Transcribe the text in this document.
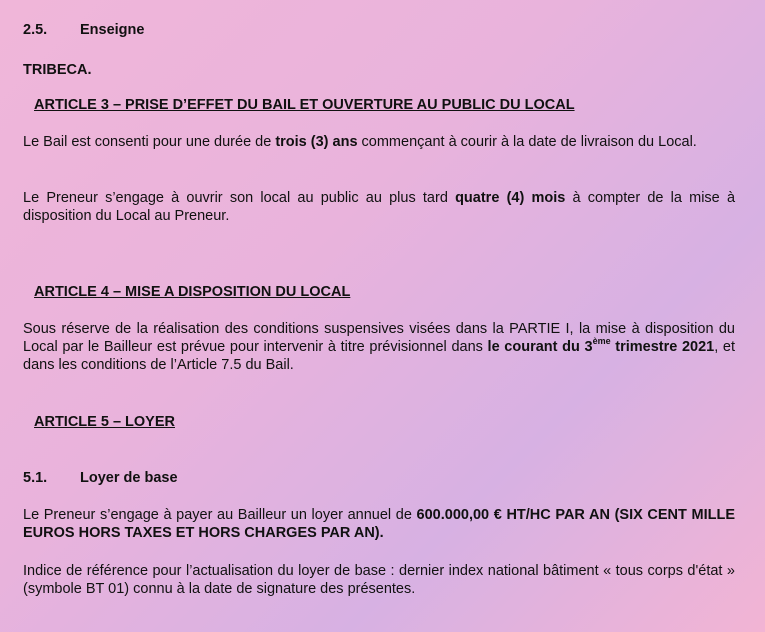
2.5. Enseigne
TRIBECA.
ARTICLE 3 – PRISE D’EFFET DU BAIL ET OUVERTURE AU PUBLIC DU LOCAL
Le Bail est consenti pour une durée de trois (3) ans commençant à courir à la date de livraison du Local.
Le Preneur s’engage à ouvrir son local au public au plus tard quatre (4) mois à compter de la mise à disposition du Local au Preneur.
ARTICLE 4 – MISE A DISPOSITION DU LOCAL
Sous réserve de la réalisation des conditions suspensives visées dans la PARTIE I, la mise à disposition du Local par le Bailleur est prévue pour intervenir à titre prévisionnel dans le courant du 3ème trimestre 2021, et dans les conditions de l’Article 7.5 du Bail.
ARTICLE 5 – LOYER
5.1. Loyer de base
Le Preneur s’engage à payer au Bailleur un loyer annuel de 600.000,00 € HT/HC PAR AN (SIX CENT MILLE EUROS HORS TAXES ET HORS CHARGES PAR AN).
Indice de référence pour l’actualisation du loyer de base : dernier index national bâtiment « tous corps d'état » (symbole BT 01) connu à la date de signature des présentes.
